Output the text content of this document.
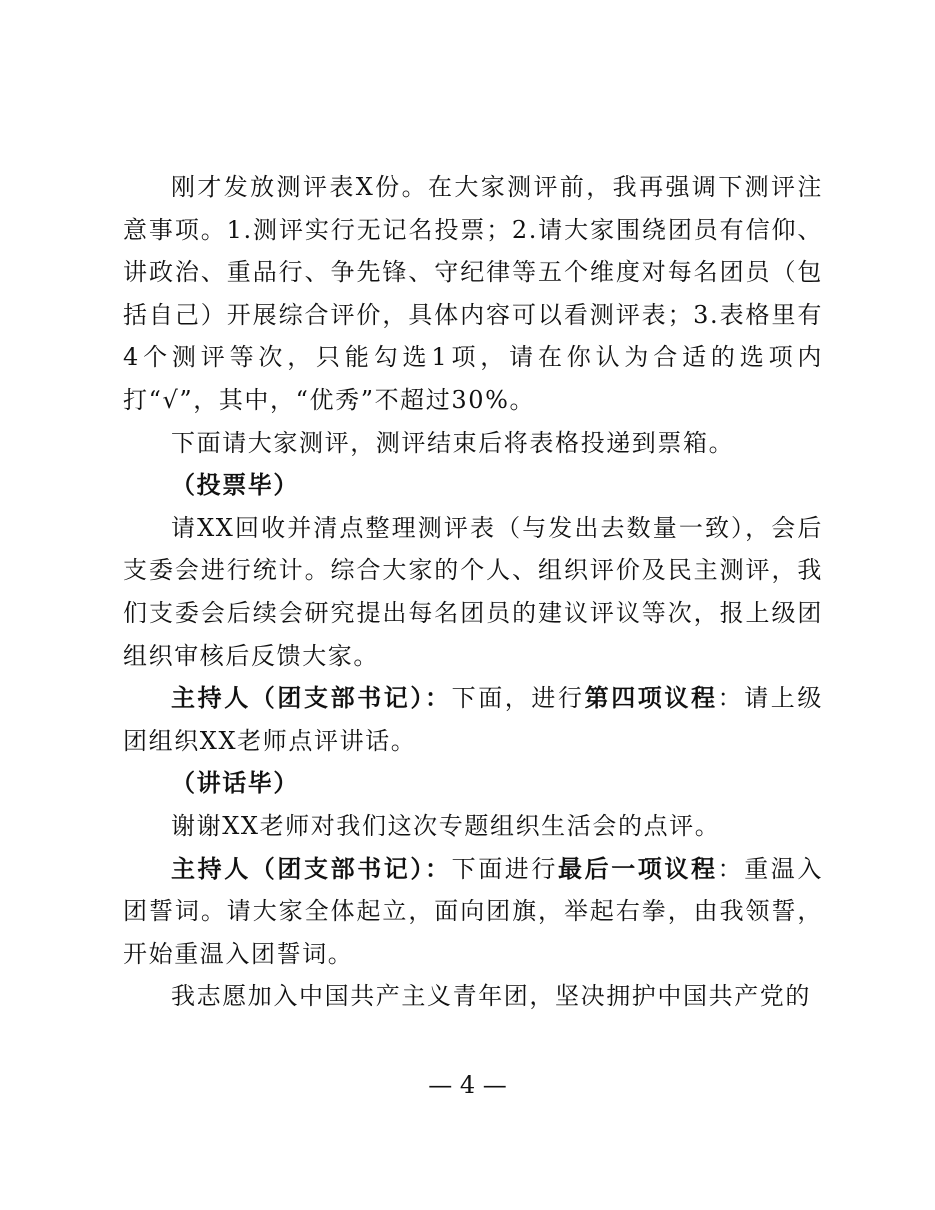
刚才发放测评表X份。在大家测评前，我再强调下测评注意事项。1.测评实行无记名投票；2.请大家围绕团员有信仰、讲政治、重品行、争先锋、守纪律等五个维度对每名团员（包括自己）开展综合评价，具体内容可以看测评表；3.表格里有4个测评等次，只能勾选1项，请在你认为合适的选项内打“√”，其中，“优秀”不超过30%。

下面请大家测评，测评结束后将表格投递到票箱。

（投票毕）

请XX回收并清点整理测评表（与发出去数量一致），会后支委会进行统计。综合大家的个人、组织评价及民主测评，我们支委会后续会研究提出每名团员的建议评议等次，报上级团组织审核后反馈大家。

主持人（团支部书记）：下面，进行第四项议程：请上级团组织XX老师点评讲话。

（讲话毕）

谢谢XX老师对我们这次专题组织生活会的点评。

主持人（团支部书记）：下面进行最后一项议程：重温入团誓词。请大家全体起立，面向团旗，举起右拳，由我领誓，开始重温入团誓词。

我志愿加入中国共产主义青年团，坚决拥护中国共产党的

— 4 —
